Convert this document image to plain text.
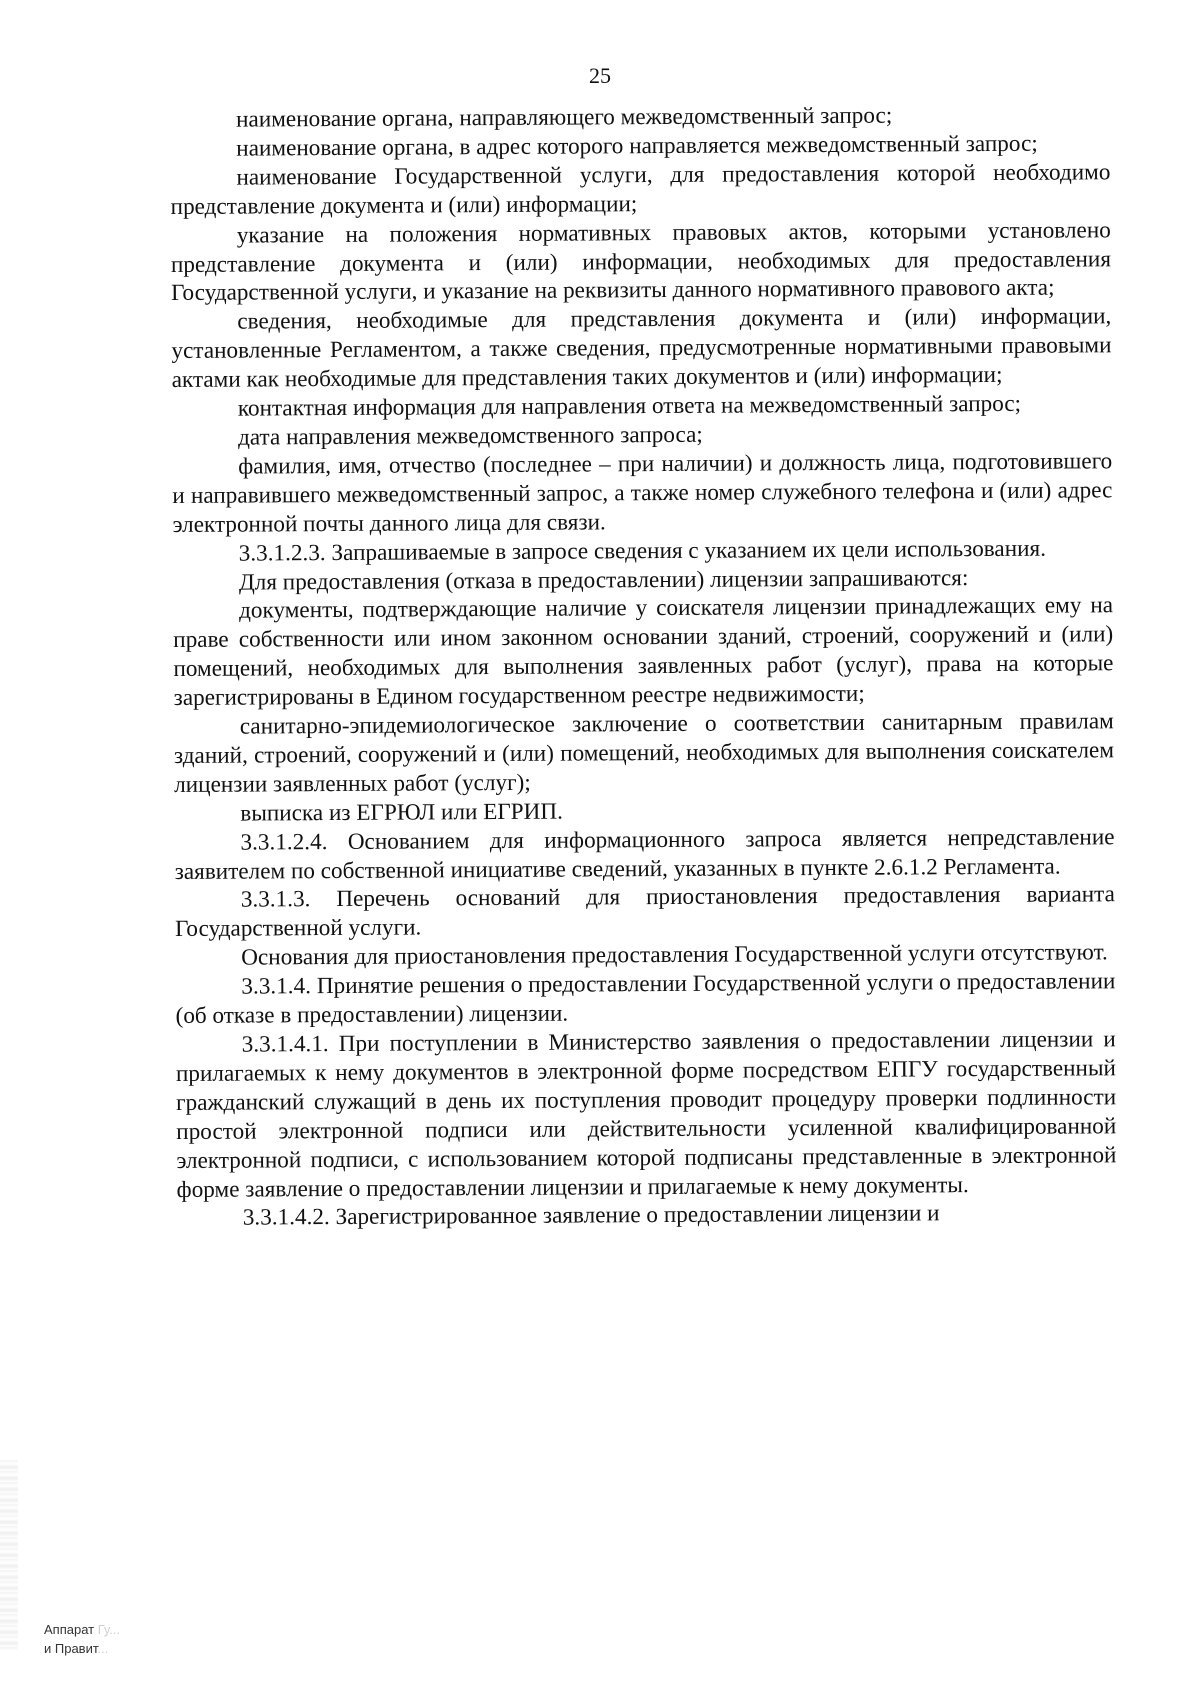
25

наименование органа, направляющего межведомственный запрос;

наименование органа, в адрес которого направляется межведомственный запрос;

наименование Государственной услуги, для предоставления которой необходимо представление документа и (или) информации;

указание на положения нормативных правовых актов, которыми установлено представление документа и (или) информации, необходимых для предоставления Государственной услуги, и указание на реквизиты данного нормативного правового акта;

сведения, необходимые для представления документа и (или) информации, установленные Регламентом, а также сведения, предусмотренные нормативными правовыми актами как необходимые для представления таких документов и (или) информации;

контактная информация для направления ответа на межведомственный запрос;

дата направления межведомственного запроса;

фамилия, имя, отчество (последнее – при наличии) и должность лица, подготовившего и направившего межведомственный запрос, а также номер служебного телефона и (или) адрес электронной почты данного лица для связи.

3.3.1.2.3. Запрашиваемые в запросе сведения с указанием их цели использования.

Для предоставления (отказа в предоставлении) лицензии запрашиваются:

документы, подтверждающие наличие у соискателя лицензии принадлежащих ему на праве собственности или ином законном основании зданий, строений, сооружений и (или) помещений, необходимых для выполнения заявленных работ (услуг), права на которые зарегистрированы в Едином государственном реестре недвижимости;

санитарно-эпидемиологическое заключение о соответствии санитарным правилам зданий, строений, сооружений и (или) помещений, необходимых для выполнения соискателем лицензии заявленных работ (услуг);

выписка из ЕГРЮЛ или ЕГРИП.

3.3.1.2.4. Основанием для информационного запроса является непредставление заявителем по собственной инициативе сведений, указанных в пункте 2.6.1.2 Регламента.

3.3.1.3. Перечень оснований для приостановления предоставления варианта Государственной услуги.

Основания для приостановления предоставления Государственной услуги отсутствуют.

3.3.1.4. Принятие решения о предоставлении Государственной услуги о предоставлении (об отказе в предоставлении) лицензии.

3.3.1.4.1. При поступлении в Министерство заявления о предоставлении лицензии и прилагаемых к нему документов в электронной форме посредством ЕПГУ государственный гражданский служащий в день их поступления проводит процедуру проверки подлинности простой электронной подписи или действительности усиленной квалифицированной электронной подписи, с использованием которой подписаны представленные в электронной форме заявление о предоставлении лицензии и прилагаемые к нему документы.

3.3.1.4.2. Зарегистрированное заявление о предоставлении лицензии и

Аппарат Гу...
и Правит...
